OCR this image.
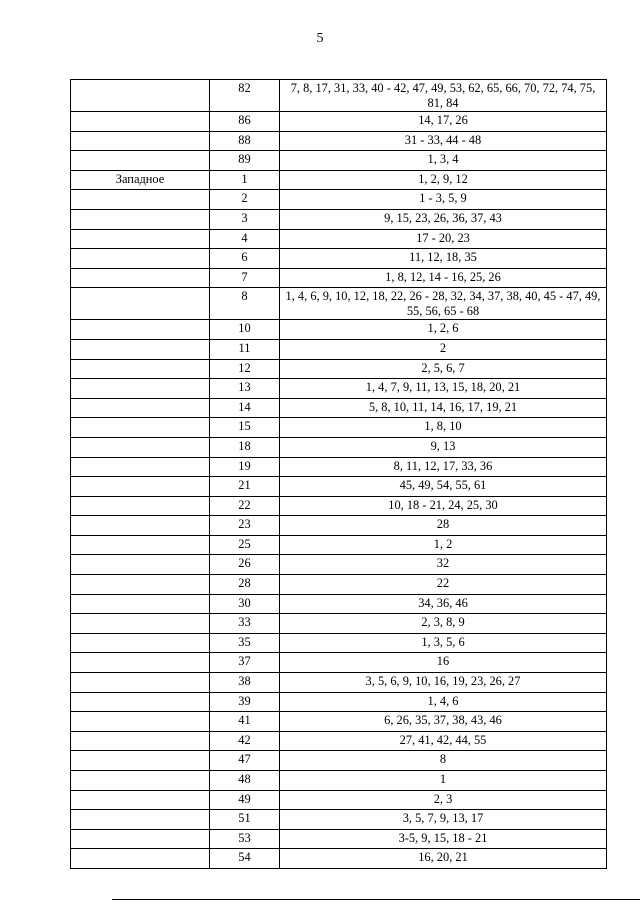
5
	82	7, 8, 17, 31, 33, 40 - 42, 47, 49, 53, 62, 65, 66, 70, 72, 74, 75, 81, 84
	86	14, 17, 26
	88	31 - 33, 44 - 48
	89	1, 3, 4
Западное	1	1, 2, 9, 12
	2	1 - 3, 5, 9
	3	9, 15, 23, 26, 36, 37, 43
	4	17 - 20, 23
	6	11, 12, 18, 35
	7	1, 8, 12, 14 - 16, 25, 26
	8	1, 4, 6, 9, 10, 12, 18, 22, 26 - 28, 32, 34, 37, 38, 40, 45 - 47, 49, 55, 56, 65 - 68
	10	1, 2, 6
	11	2
	12	2, 5, 6, 7
	13	1, 4, 7, 9, 11, 13, 15, 18, 20, 21
	14	5, 8, 10, 11, 14, 16, 17, 19, 21
	15	1, 8, 10
	18	9, 13
	19	8, 11, 12, 17, 33, 36
	21	45, 49, 54, 55, 61
	22	10, 18 - 21, 24, 25, 30
	23	28
	25	1, 2
	26	32
	28	22
	30	34, 36, 46
	33	2, 3, 8, 9
	35	1, 3, 5, 6
	37	16
	38	3, 5, 6, 9, 10, 16, 19, 23, 26, 27
	39	1, 4, 6
	41	6, 26, 35, 37, 38, 43, 46
	42	27, 41, 42, 44, 55
	47	8
	48	1
	49	2, 3
	51	3, 5, 7, 9, 13, 17
	53	3-5, 9, 15, 18 - 21
	54	16, 20, 21
